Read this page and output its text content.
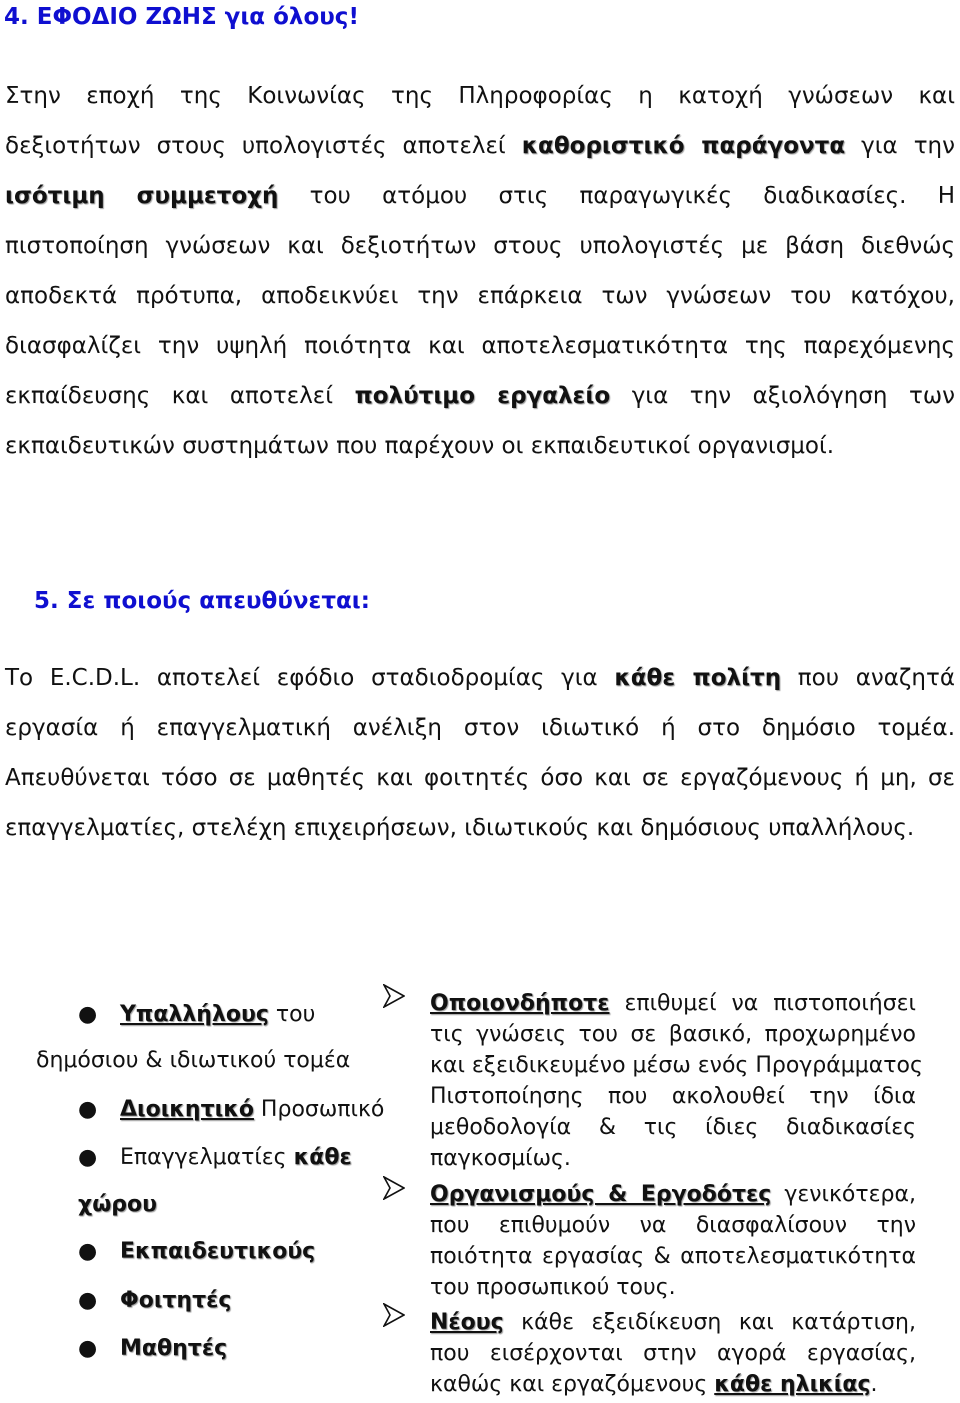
4. ΕΦΟΔΙΟ ΖΩΗΣ για όλους!
Στην εποχή της Κοινωνίας της Πληροφορίας η κατοχή γνώσεων και
δεξιοτήτων στους υπολογιστές αποτελεί καθοριστικό παράγοντα για την
ισότιμη συμμετοχή του ατόμου στις παραγωγικές διαδικασίες. Η
πιστοποίηση γνώσεων και δεξιοτήτων στους υπολογιστές με βάση διεθνώς
αποδεκτά πρότυπα, αποδεικνύει την επάρκεια των γνώσεων του κατόχου,
διασφαλίζει την υψηλή ποιότητα και αποτελεσματικότητα της παρεχόμενης
εκπαίδευσης και αποτελεί πολύτιμο εργαλείο για την αξιολόγηση των
εκπαιδευτικών συστημάτων που παρέχουν οι εκπαιδευτικοί οργανισμοί.
5. Σε ποιούς απευθύνεται:
Το E.C.D.L. αποτελεί εφόδιο σταδιοδρομίας για κάθε πολίτη που αναζητά
εργασία ή επαγγελματική ανέλιξη στον ιδιωτικό ή στο δημόσιο τομέα.
Απευθύνεται τόσο σε μαθητές και φοιτητές όσο και σε εργαζόμενους ή μη, σε
επαγγελματίες, στελέχη επιχειρήσεων, ιδιωτικούς και δημόσιους υπαλλήλους.
● Υπαλλήλους του
δημόσιου & ιδιωτικού τομέα
● Διοικητικό Προσωπικό
● Επαγγελματίες κάθε
χώρου
● Εκπαιδευτικούς
● Φοιτητές
● Μαθητές
Οποιονδήποτε επιθυμεί να πιστοποιήσει
τις γνώσεις του σε βασικό, προχωρημένο
και εξειδικευμένο μέσω ενός Προγράμματος
Πιστοποίησης που ακολουθεί την ίδια
μεθοδολογία & τις ίδιες διαδικασίες
παγκοσμίως.
Οργανισμούς & Εργοδότες γενικότερα,
που επιθυμούν να διασφαλίσουν την
ποιότητα εργασίας & αποτελεσματικότητα
του προσωπικού τους.
Νέους κάθε εξειδίκευση και κατάρτιση,
που εισέρχονται στην αγορά εργασίας,
καθώς και εργαζόμενους κάθε ηλικίας.
